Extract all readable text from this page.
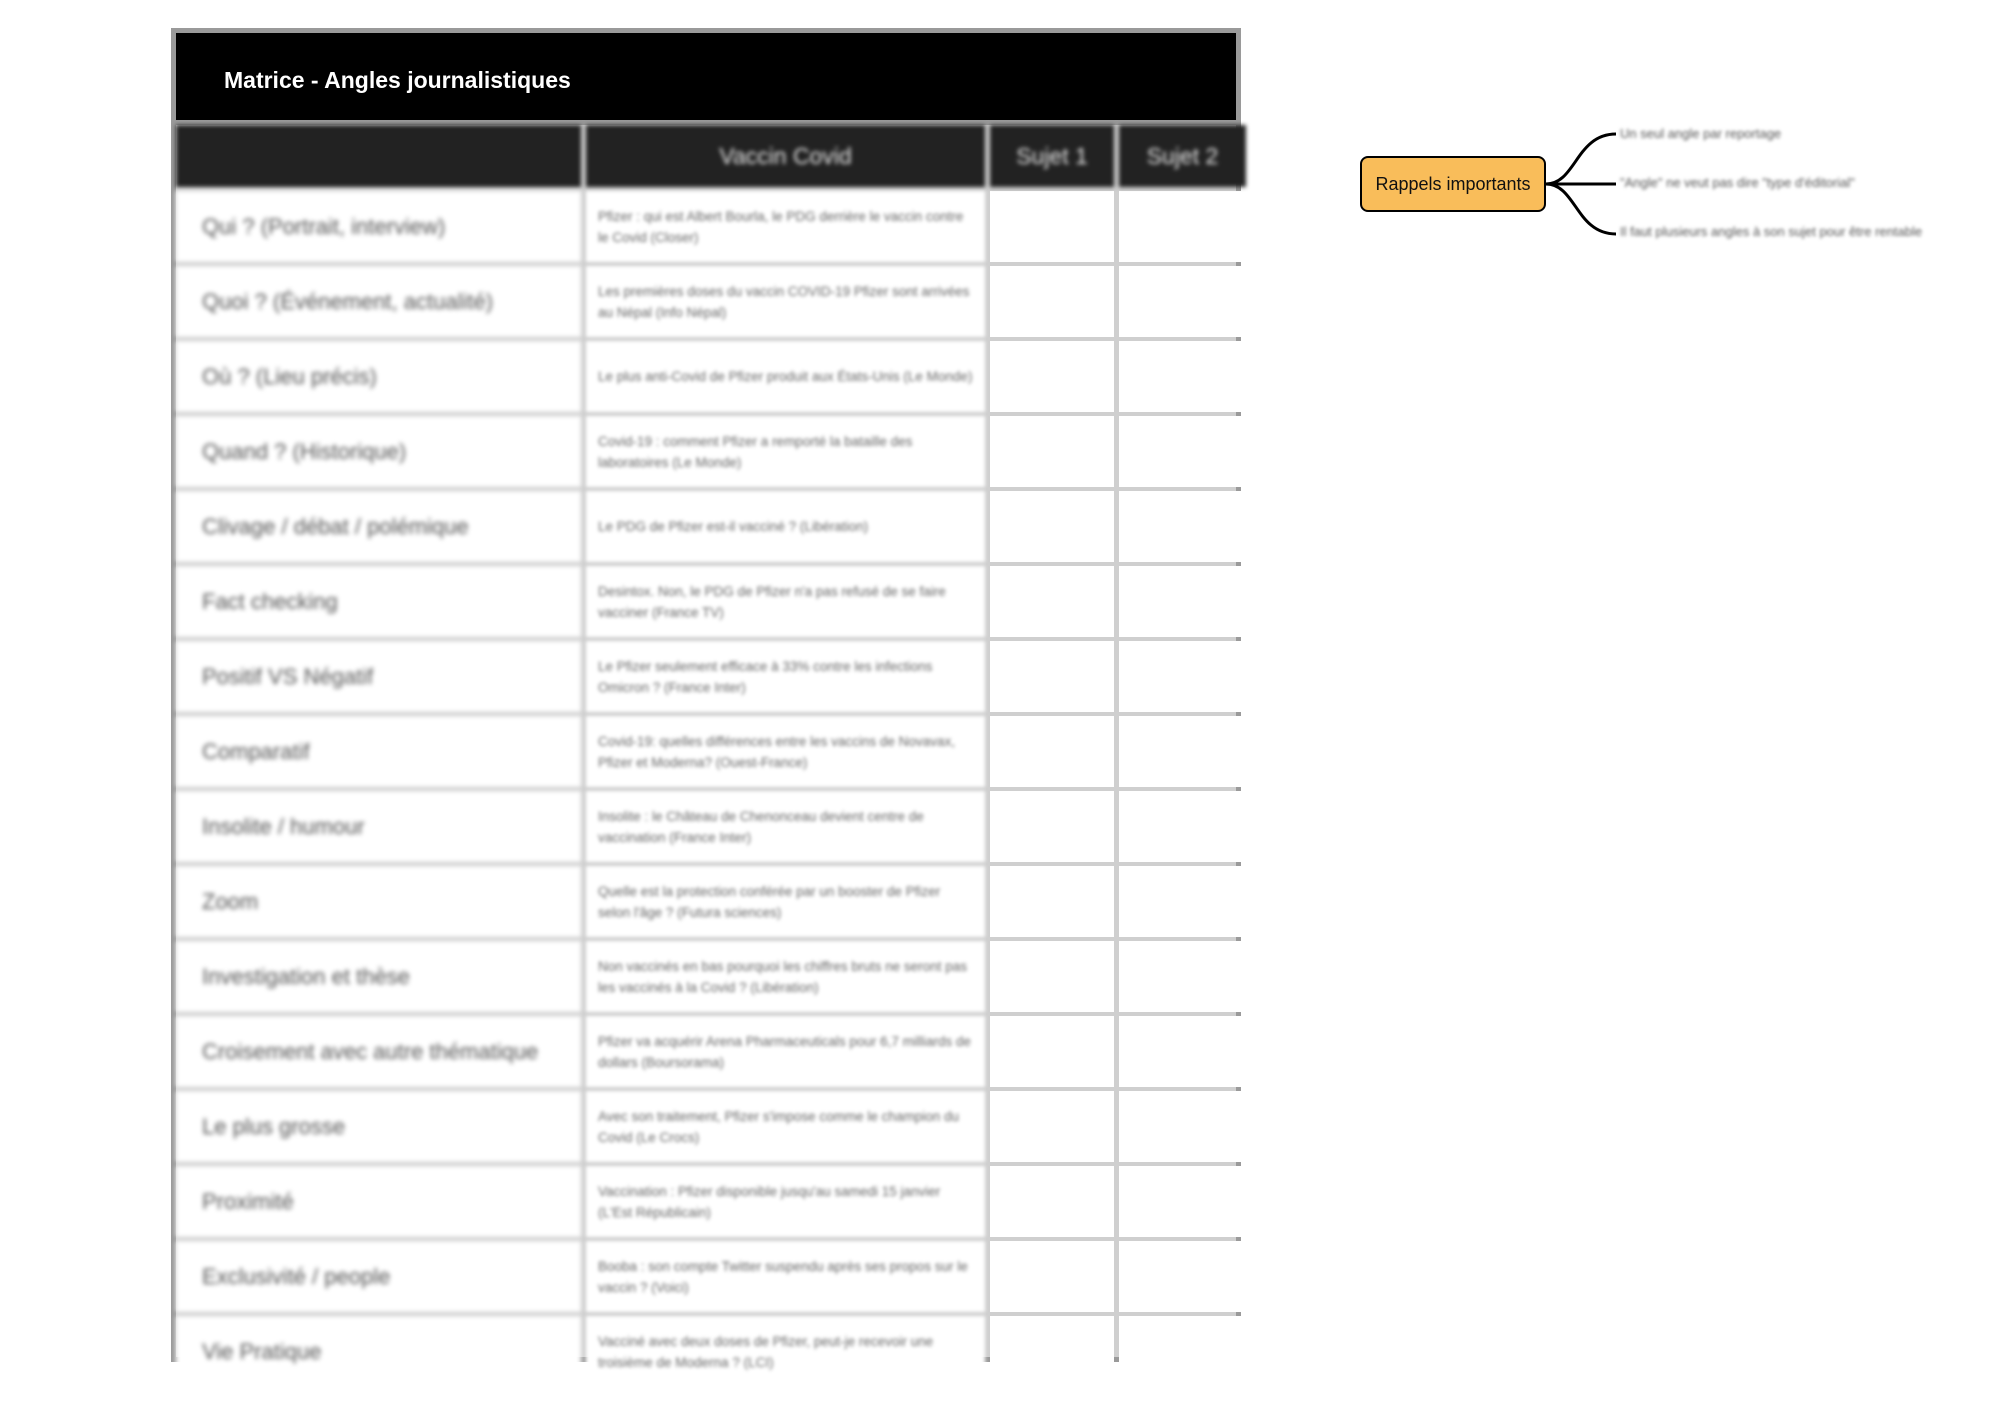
Matrice - Angles journalistiques
	Vaccin Covid	Sujet 1	Sujet 2
Qui ? (Portrait, interview)	Pfizer : qui est Albert Bourla, le PDG derrière le vaccin contre le Covid (Closer)		
Quoi ? (Événement, actualité)	Les premières doses du vaccin COVID-19 Pfizer sont arrivées au Népal (Info Népal)		
Où ? (Lieu précis)	Le plus anti-Covid de Pfizer produit aux États-Unis (Le Monde)		
Quand ? (Historique)	Covid-19 : comment Pfizer a remporté la bataille des laboratoires (Le Monde)		
Clivage / débat / polémique	Le PDG de Pfizer est-il vacciné ? (Libération)		
Fact checking	Desintox. Non, le PDG de Pfizer n'a pas refusé de se faire vacciner (France TV)		
Positif VS Négatif	Le Pfizer seulement efficace à 33% contre les infections Omicron ? (France Inter)		
Comparatif	Covid-19: quelles différences entre les vaccins de Novavax, Pfizer et Moderna? (Ouest-France)		
Insolite / humour	Insolite : le Château de Chenonceau devient centre de vaccination (France Inter)		
Zoom	Quelle est la protection conférée par un booster de Pfizer selon l'âge ? (Futura sciences)		
Investigation et thèse	Non vaccinés en bas pourquoi les chiffres bruts ne seront pas les vaccinés à la Covid ? (Libération)		
Croisement avec autre thématique	Pfizer va acquérir Arena Pharmaceuticals pour 6,7 milliards de dollars (Boursorama)		
Le plus grosse	Avec son traitement, Pfizer s'impose comme le champion du Covid (Le Crocs)		
Proximité	Vaccination : Pfizer disponible jusqu'au samedi 15 janvier (L'Est Républicain)		
Exclusivité / people	Booba : son compte Twitter suspendu après ses propos sur le vaccin ? (Voici)		
Vie Pratique	Vacciné avec deux doses de Pfizer, peut-je recevoir une troisième de Moderna ? (LCI)		
Rappels importants
Un seul angle par reportage
"Angle" ne veut pas dire "type d'éditorial"
Il faut plusieurs angles à son sujet pour être rentable
